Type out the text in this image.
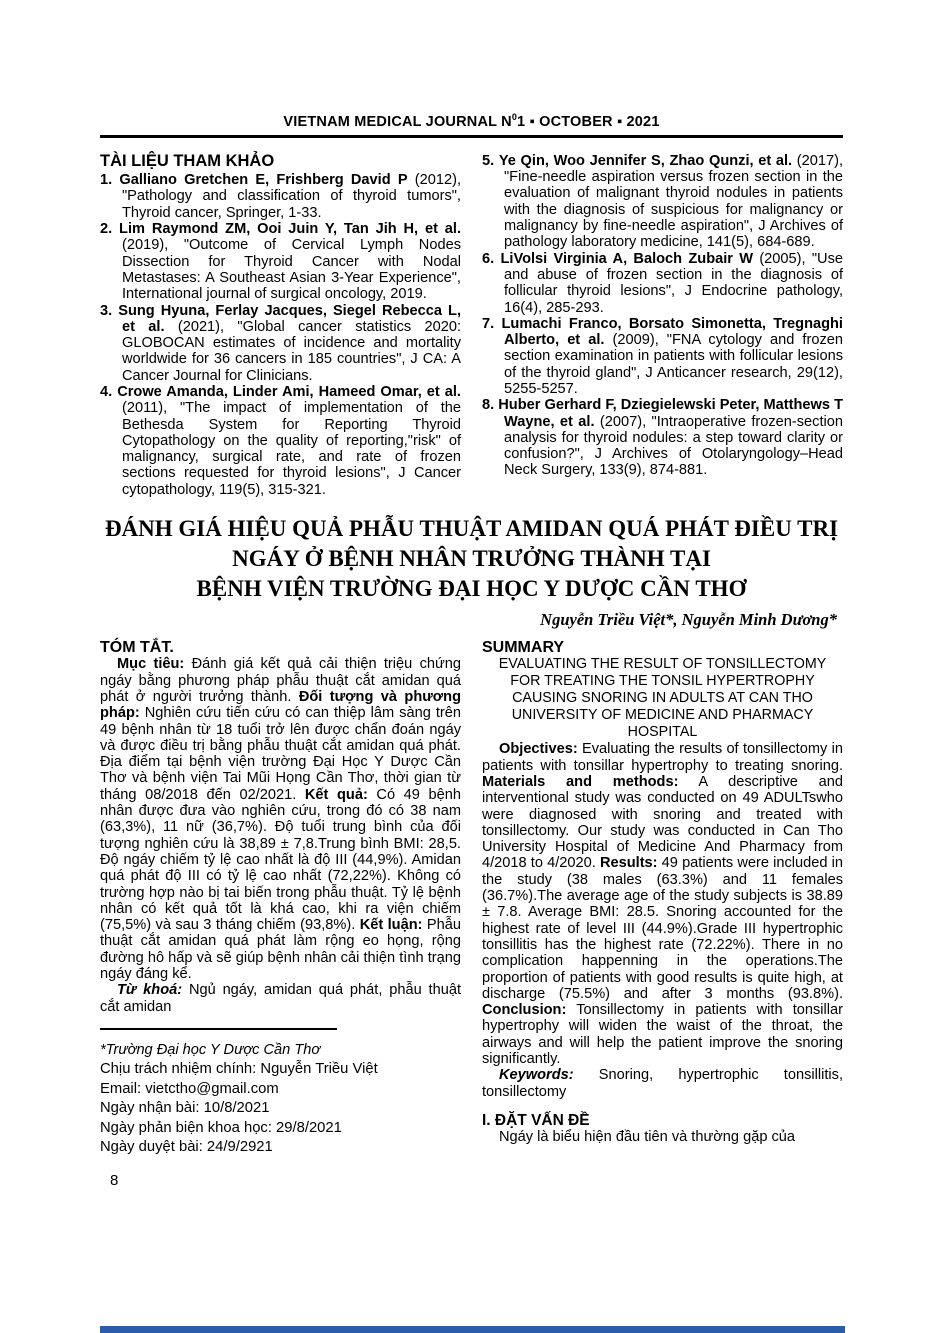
VIETNAM MEDICAL JOURNAL $N^01$ ▪ OCTOBER ▪ 2021
TÀI LIỆU THAM KHẢO

1. Galliano Gretchen E, Frishberg David P (2012), "Pathology and classification of thyroid tumors", Thyroid cancer, Springer, 1-33.

2. Lim Raymond ZM, Ooi Juin Y, Tan Jih H, et al. (2019), "Outcome of Cervical Lymph Nodes Dissection for Thyroid Cancer with Nodal Metastases: A Southeast Asian 3-Year Experience", International journal of surgical oncology, 2019.

3. Sung Hyuna, Ferlay Jacques, Siegel Rebecca L, et al. (2021), "Global cancer statistics 2020: GLOBOCAN estimates of incidence and mortality worldwide for 36 cancers in 185 countries", J CA: A Cancer Journal for Clinicians.

4. Crowe Amanda, Linder Ami, Hameed Omar, et al. (2011), "The impact of implementation of the Bethesda System for Reporting Thyroid Cytopathology on the quality of reporting,"risk" of malignancy, surgical rate, and rate of frozen sections requested for thyroid lesions", J Cancer cytopathology, 119(5), 315-321.

5. Ye Qin, Woo Jennifer S, Zhao Qunzi, et al. (2017), "Fine-needle aspiration versus frozen section in the evaluation of malignant thyroid nodules in patients with the diagnosis of suspicious for malignancy or malignancy by fine-needle aspiration", J Archives of pathology laboratory medicine, 141(5), 684-689.

6. LiVolsi Virginia A, Baloch Zubair W (2005), "Use and abuse of frozen section in the diagnosis of follicular thyroid lesions", J Endocrine pathology, 16(4), 285-293.

7. Lumachi Franco, Borsato Simonetta, Tregnaghi Alberto, et al. (2009), "FNA cytology and frozen section examination in patients with follicular lesions of the thyroid gland", J Anticancer research, 29(12), 5255-5257.

8. Huber Gerhard F, Dziegielewski Peter, Matthews T Wayne, et al. (2007), "Intraoperative frozen-section analysis for thyroid nodules: a step toward clarity or confusion?", J Archives of Otolaryngology–Head Neck Surgery, 133(9), 874-881.

ĐÁNH GIÁ HIỆU QUẢ PHẪU THUẬT AMIDAN QUÁ PHÁT ĐIỀU TRỊ
NGÁY Ở BỆNH NHÂN TRƯỞNG THÀNH TẠI
BỆNH VIỆN TRƯỜNG ĐẠI HỌC Y DƯỢC CẦN THƠ
Nguyễn Triều Việt*, Nguyễn Minh Dương*
TÓM TẮT.

Mục tiêu: Đánh giá kết quả cải thiện triệu chứng ngáy bằng phương pháp phẫu thuật cắt amidan quá phát ở người trưởng thành. Đối tượng và phương pháp: Nghiên cứu tiến cứu có can thiệp lâm sàng trên 49 bệnh nhân từ 18 tuổi trở lên được chẩn đoán ngáy và được điều trị bằng phẫu thuật cắt amidan quá phát. Địa điểm tại bệnh viện trường Đại Học Y Dược Cần Thơ và bệnh viện Tai Mũi Họng Cần Thơ, thời gian từ tháng 08/2018 đến 02/2021. Kết quả: Có 49 bệnh nhân được đưa vào nghiên cứu, trong đó có 38 nam (63,3%), 11 nữ (36,7%). Độ tuổi trung bình của đối tượng nghiên cứu là 38,89 ± 7,8.Trung bình BMI: 28,5. Độ ngáy chiếm tỷ lệ cao nhất là độ III (44,9%). Amidan quá phát độ III có tỷ lệ cao nhất (72,22%). Không có trường hợp nào bị tai biến trong phẫu thuật. Tỷ lệ bệnh nhân có kết quả tốt là khá cao, khi ra viện chiếm (75,5%) và sau 3 tháng chiếm (93,8%). Kết luận: Phẫu thuật cắt amidan quá phát làm rộng eo họng, rộng đường hô hấp và sẽ giúp bệnh nhân cải thiện tình trạng ngáy đáng kể.

Từ khoá: Ngủ ngáy, amidan quá phát, phẫu thuật cắt amidan

*Trường Đại học Y Dược Cần Thơ
Chịu trách nhiệm chính: Nguyễn Triều Việt
Email: vietctho@gmail.com
Ngày nhận bài: 10/8/2021
Ngày phản biện khoa học: 29/8/2021
Ngày duyệt bài: 24/9/2921
SUMMARY

EVALUATING THE RESULT OF TONSILLECTOMY FOR TREATING THE TONSIL HYPERTROPHY CAUSING SNORING IN ADULTS AT CAN THO UNIVERSITY OF MEDICINE AND PHARMACY HOSPITAL

Objectives: Evaluating the results of tonsillectomy in patients with tonsillar hypertrophy to treating snoring. Materials and methods: A descriptive and interventional study was conducted on 49 ADULTswho were diagnosed with snoring and treated with tonsillectomy. Our study was conducted in Can Tho University Hospital of Medicine And Pharmacy from 4/2018 to 4/2020. Results: 49 patients were included in the study (38 males (63.3%) and 11 females (36.7%).The average age of the study subjects is 38.89 ± 7.8. Average BMI: 28.5. Snoring accounted for the highest rate of level III (44.9%).Grade III hypertrophic tonsillitis has the highest rate (72.22%). There in no complication happenning in the operations.The proportion of patients with good results is quite high, at discharge (75.5%) and after 3 months (93.8%). Conclusion: Tonsillectomy in patients with tonsillar hypertrophy will widen the waist of the throat, the airways and will help the patient improve the snoring significantly.

Keywords: Snoring, hypertrophic tonsillitis, tonsillectomy

I. ĐẶT VẤN ĐỀ

Ngáy là biểu hiện đầu tiên và thường gặp của

8
